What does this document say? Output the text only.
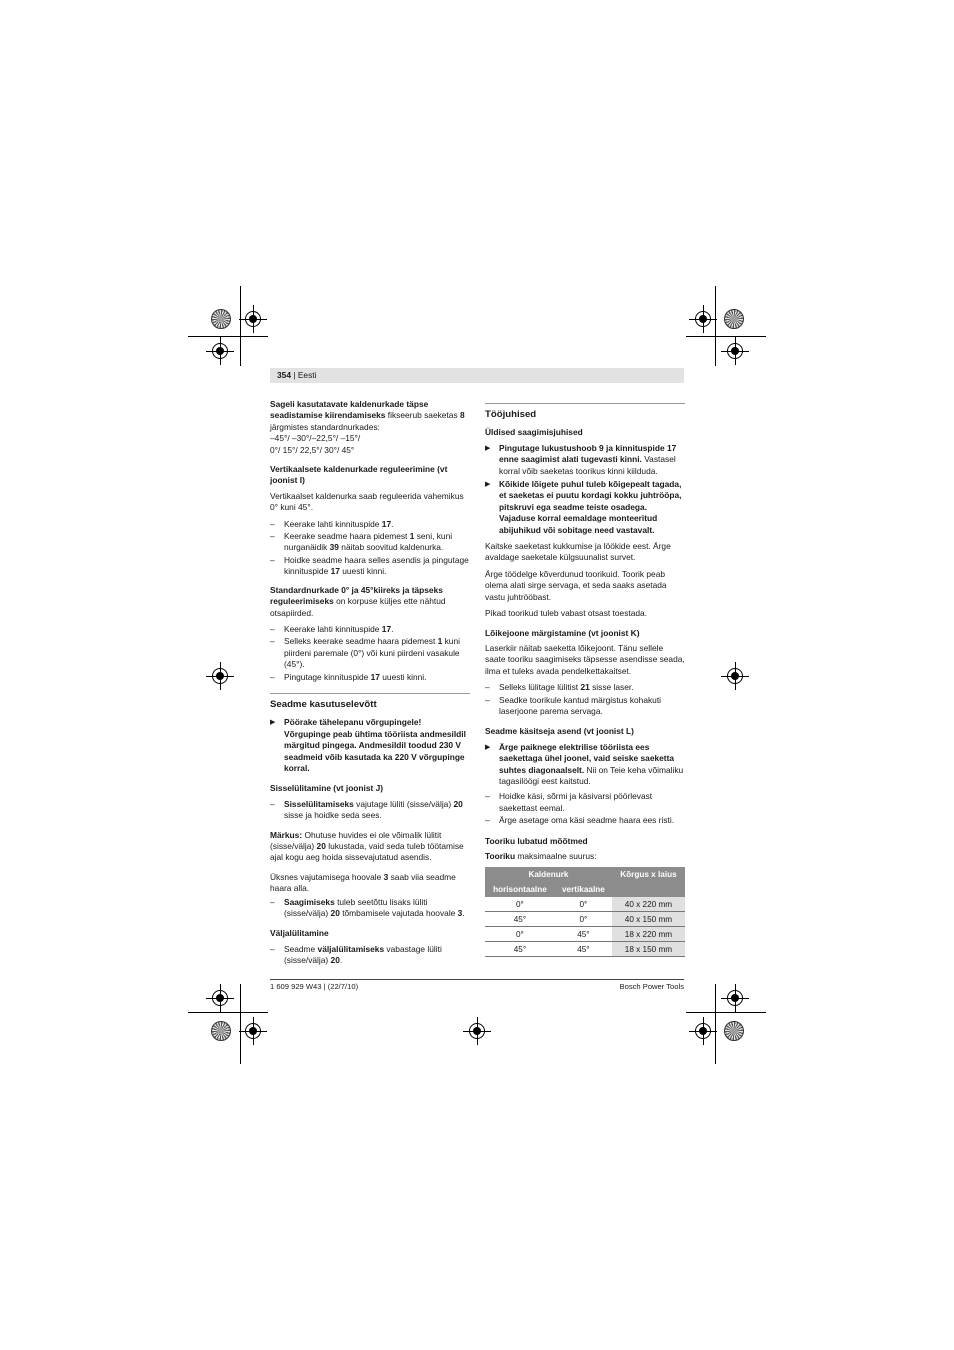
354 | Eesti

Sageli kasutatavate kaldenurkade täpse seadistamise kiirendamiseks fikseerub saeketas 8 järgmistes standardnurkades:
–45°/ –30°/–22,5°/ –15°/
0°/ 15°/ 22,5°/ 30°/ 45°

Vertikaalsete kaldenurkade reguleerimine (vt joonist I)

Vertikaalset kaldenurka saab reguleerida vahemikus 0° kuni 45°.

– Keerake lahti kinnituspide 17.
– Keerake seadme haara pidemest 1 seni, kuni nurganäidik 39 näitab soovitud kaldenurka.
– Hoidke seadme haara selles asendis ja pingutage kinnituspide 17 uuesti kinni.

Standardnurkade 0° ja 45°kiireks ja täpseks reguleerimiseks on korpuse küljes ette nähtud otsapiirded.

– Keerake lahti kinnituspide 17.
– Selleks keerake seadme haara pidemest 1 kuni piirdeni paremale (0°) või kuni piirdeni vasakule (45°).
– Pingutage kinnituspide 17 uuesti kinni.
Seadme kasutuselevõtt
▶ Pöörake tähelepanu võrgupingele! Võrgupinge peab ühtima tööriista andmesildil märgitud pingega. Andmesildil toodud 230 V seadmeid võib kasutada ka 220 V võrgupinge korral.
Sisselülitamine (vt joonist J)
– Sisselülitamiseks vajutage lüliti (sisse/välja) 20 sisse ja hoidke seda sees.

Märkus: Ohutuse huvides ei ole võimalik lülitit (sisse/välja) 20 lukustada, vaid seda tuleb töötamise ajal kogu aeg hoida sissevajutatud asendis.

Üksnes vajutamisega hoovale 3 saab viia seadme haara alla.

– Saagimiseks tuleb seetõttu lisaks lüliti (sisse/välja) 20 tõmbamisele vajutada hoovale 3.
Väljalülitamine
– Seadme väljalülitamiseks vabastage lüliti (sisse/välja) 20.
Tööjuhised
Üldised saagimisjuhised
▶ Pingutage lukustushoob 9 ja kinnituspide 17 enne saagimist alati tugevasti kinni. Vastasel korral võib saeketas toorikus kinni kiilduda.
▶ Kõikide lõigete puhul tuleb kõigepealt tagada, et saeketas ei puutu kordagi kokku juhtrööpa, pitskruvi ega seadme teiste osadega. Vajaduse korral eemaldage monteeritud abijuhikud või sobitage need vastavalt.

Kaitske saeketast kukkumise ja löökide eest. Ärge avaldage saeketale külgsuunalist survet.

Ärge töödelge kõverdunud toorikuid. Toorik peab olema alati sirge servaga, et seda saaks asetada vastu juhtrööbast.

Pikad toorikud tuleb vabast otsast toestada.

Lõikejoone märgistamine (vt joonist K)

Laserkiir näitab saeketta lõikejoont. Tänu sellele saate tooriku saagimiseks täpsesse asendisse seada, ilma et tuleks avada pendelkettakaitset.

– Selleks lülitage lülitist 21 sisse laser.
– Seadke toorikule kantud märgistus kohakuti laserjoone parema servaga.
Seadme käsitseja asend (vt joonist L)
▶ Ärge paiknege elektrilise tööriista ees saekettaga ühel joonel, vaid seiske saeketta suhtes diagonaalselt. Nii on Teie keha võimaliku tagasilöögi eest kaitstud.
– Hoidke käsi, sõrmi ja käsivarsi pöörlevast saekettast eemal.
– Ärge asetage oma käsi seadme haara ees risti.
Tooriku lubatud mõõtmed

Tooriku maksimaalne suurus:

Kaldenurk		Kõrgus x laius
horisontaalne	vertikaalne	
0°	0°	40 x 220 mm
45°	0°	40 x 150 mm
0°	45°	18 x 220 mm
45°	45°	18 x 150 mm
1 609 929 W43 | (22/7/10)	Bosch Power Tools
